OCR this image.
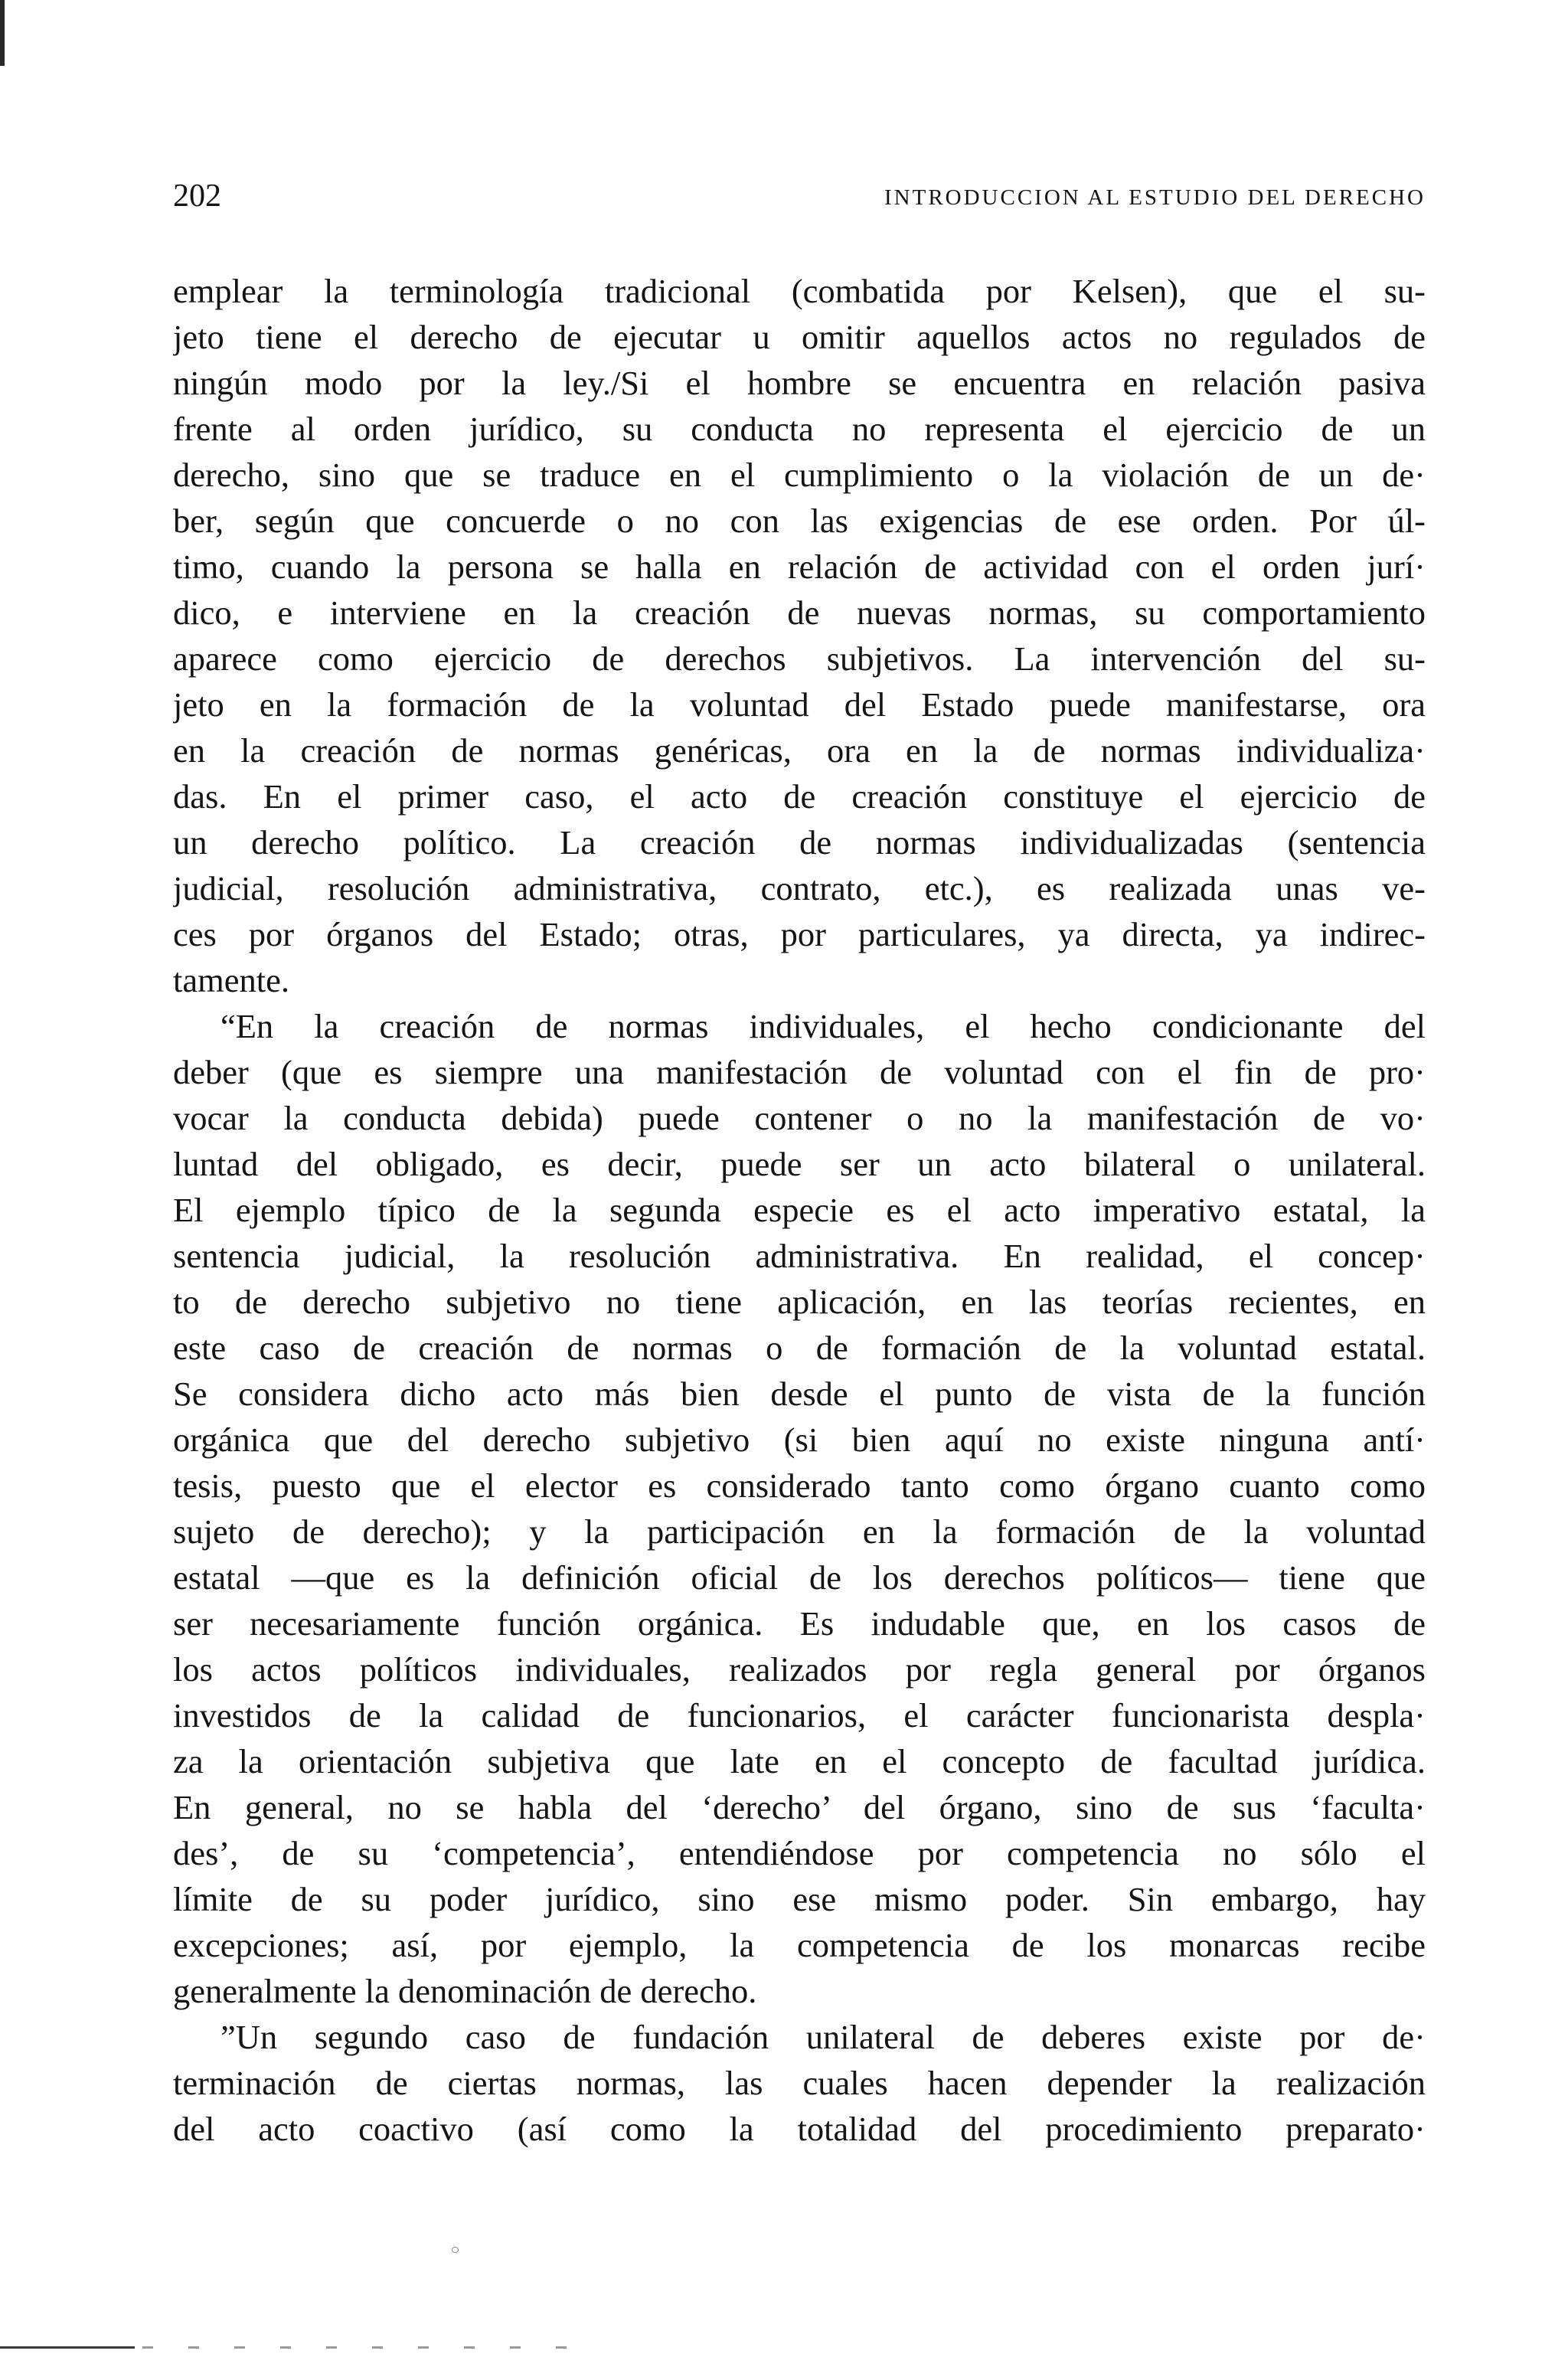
202	INTRODUCCION AL ESTUDIO DEL DERECHO
emplear la terminología tradicional (combatida por Kelsen), que el su-
jeto tiene el derecho de ejecutar u omitir aquellos actos no regulados de
ningún modo por la ley./Si el hombre se encuentra en relación pasiva
frente al orden jurídico, su conducta no representa el ejercicio de un
derecho, sino que se traduce en el cumplimiento o la violación de un de·
ber, según que concuerde o no con las exigencias de ese orden. Por úl-
timo, cuando la persona se halla en relación de actividad con el orden jurí·
dico, e interviene en la creación de nuevas normas, su comportamiento
aparece como ejercicio de derechos subjetivos. La intervención del su-
jeto en la formación de la voluntad del Estado puede manifestarse, ora
en la creación de normas genéricas, ora en la de normas individualiza·
das. En el primer caso, el acto de creación constituye el ejercicio de
un derecho político. La creación de normas individualizadas (sentencia
judicial, resolución administrativa, contrato, etc.), es realizada unas ve-
ces por órganos del Estado; otras, por particulares, ya directa, ya indirec-
tamente.
“En la creación de normas individuales, el hecho condicionante del
deber (que es siempre una manifestación de voluntad con el fin de pro·
vocar la conducta debida) puede contener o no la manifestación de vo·
luntad del obligado, es decir, puede ser un acto bilateral o unilateral.
El ejemplo típico de la segunda especie es el acto imperativo estatal, la
sentencia judicial, la resolución administrativa. En realidad, el concep·
to de derecho subjetivo no tiene aplicación, en las teorías recientes, en
este caso de creación de normas o de formación de la voluntad estatal.
Se considera dicho acto más bien desde el punto de vista de la función
orgánica que del derecho subjetivo (si bien aquí no existe ninguna antí·
tesis, puesto que el elector es considerado tanto como órgano cuanto como
sujeto de derecho); y la participación en la formación de la voluntad
estatal —que es la definición oficial de los derechos políticos— tiene que
ser necesariamente función orgánica. Es indudable que, en los casos de
los actos políticos individuales, realizados por regla general por órganos
investidos de la calidad de funcionarios, el carácter funcionarista despla·
za la orientación subjetiva que late en el concepto de facultad jurídica.
En general, no se habla del ‘derecho’ del órgano, sino de sus ‘faculta·
des’, de su ‘competencia’, entendiéndose por competencia no sólo el
límite de su poder jurídico, sino ese mismo poder. Sin embargo, hay
excepciones; así, por ejemplo, la competencia de los monarcas recibe
generalmente la denominación de derecho.
”Un segundo caso de fundación unilateral de deberes existe por de·
terminación de ciertas normas, las cuales hacen depender la realización
del acto coactivo (así como la totalidad del procedimiento preparato·
